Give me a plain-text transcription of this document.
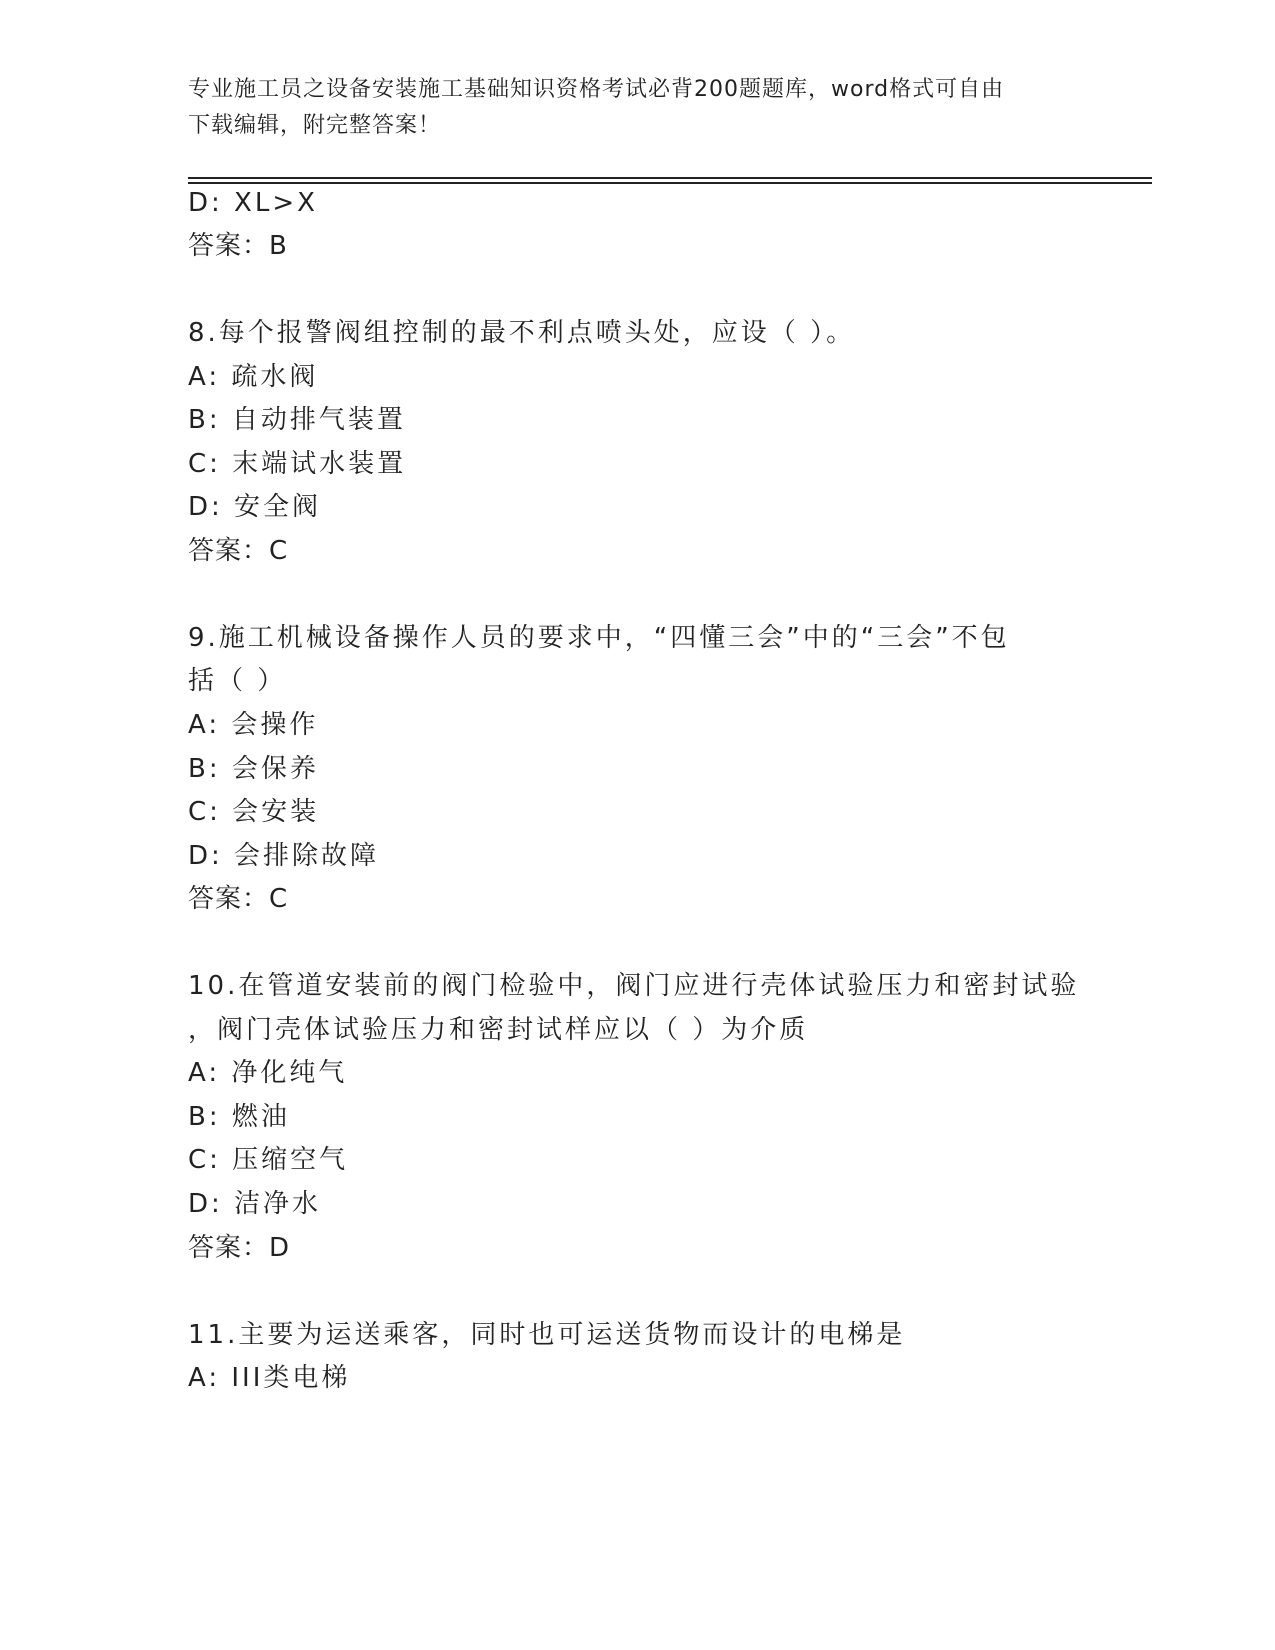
专业施工员之设备安装施工基础知识资格考试必背200题题库，word格式可自由
下载编辑，附完整答案！
D: XL>X
答案：B
8.每个报警阀组控制的最不利点喷头处，应设（ ）。
A: 疏水阀
B: 自动排气装置
C: 末端试水装置
D: 安全阀
答案：C
9.施工机械设备操作人员的要求中，“四懂三会”中的“三会”不包
括（ ）
A: 会操作
B: 会保养
C: 会安装
D: 会排除故障
答案：C
10.在管道安装前的阀门检验中，阀门应进行壳体试验压力和密封试验
，阀门壳体试验压力和密封试样应以（ ）为介质
A: 净化纯气
B: 燃油
C: 压缩空气
D: 洁净水
答案：D
11.主要为运送乘客，同时也可运送货物而设计的电梯是
A: III类电梯
